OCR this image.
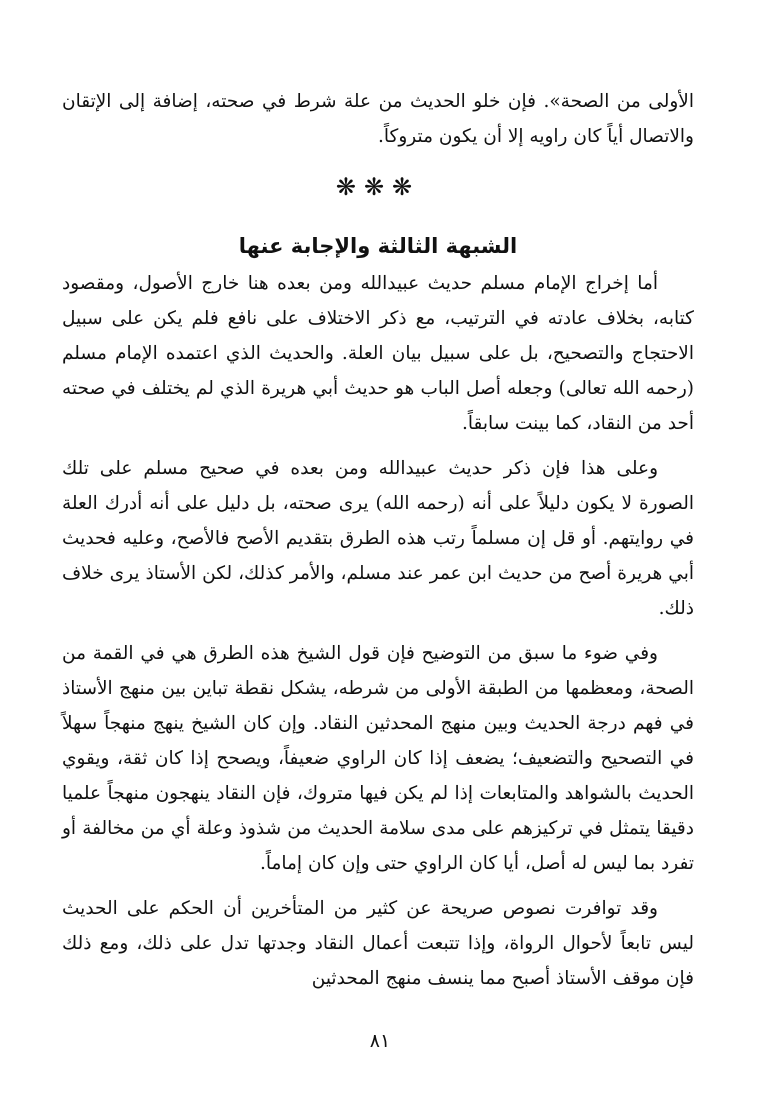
الأولى من الصحة». فإن خلو الحديث من علة شرط في صحته، إضافة إلى الإتقان والاتصال أياً كان راويه إلا أن يكون متروكاً.

❋❋❋
الشبهة الثالثة والإجابة عنها

أما إخراج الإمام مسلم حديث عبيدالله ومن بعده هنا خارج الأصول، ومقصود كتابه، بخلاف عادته في الترتيب، مع ذكر الاختلاف على نافع فلم يكن على سبيل الاحتجاج والتصحيح، بل على سبيل بيان العلة. والحديث الذي اعتمده الإمام مسلم (رحمه الله تعالى) وجعله أصل الباب هو حديث أبي هريرة الذي لم يختلف في صحته أحد من النقاد، كما بينت سابقاً.

وعلى هذا فإن ذكر حديث عبيدالله ومن بعده في صحيح مسلم على تلك الصورة لا يكون دليلاً على أنه (رحمه الله) يرى صحته، بل دليل على أنه أدرك العلة في روايتهم. أو قل إن مسلماً رتب هذه الطرق بتقديم الأصح فالأصح، وعليه فحديث أبي هريرة أصح من حديث ابن عمر عند مسلم، والأمر كذلك، لكن الأستاذ يرى خلاف ذلك.

وفي ضوء ما سبق من التوضيح فإن قول الشيخ هذه الطرق هي في القمة من الصحة، ومعظمها من الطبقة الأولى من شرطه، يشكل نقطة تباين بين منهج الأستاذ في فهم درجة الحديث وبين منهج المحدثين النقاد. وإن كان الشيخ ينهج منهجاً سهلاً في التصحيح والتضعيف؛ يضعف إذا كان الراوي ضعيفاً، ويصحح إذا كان ثقة، ويقوي الحديث بالشواهد والمتابعات إذا لم يكن فيها متروك، فإن النقاد ينهجون منهجاً علميا دقيقا يتمثل في تركيزهم على مدى سلامة الحديث من شذوذ وعلة أي من مخالفة أو تفرد بما ليس له أصل، أيا كان الراوي حتى وإن كان إماماً.

وقد توافرت نصوص صريحة عن كثير من المتأخرين أن الحكم على الحديث ليس تابعاً لأحوال الرواة، وإذا تتبعت أعمال النقاد وجدتها تدل على ذلك، ومع ذلك فإن موقف الأستاذ أصبح مما ينسف منهج المحدثين

٨١
